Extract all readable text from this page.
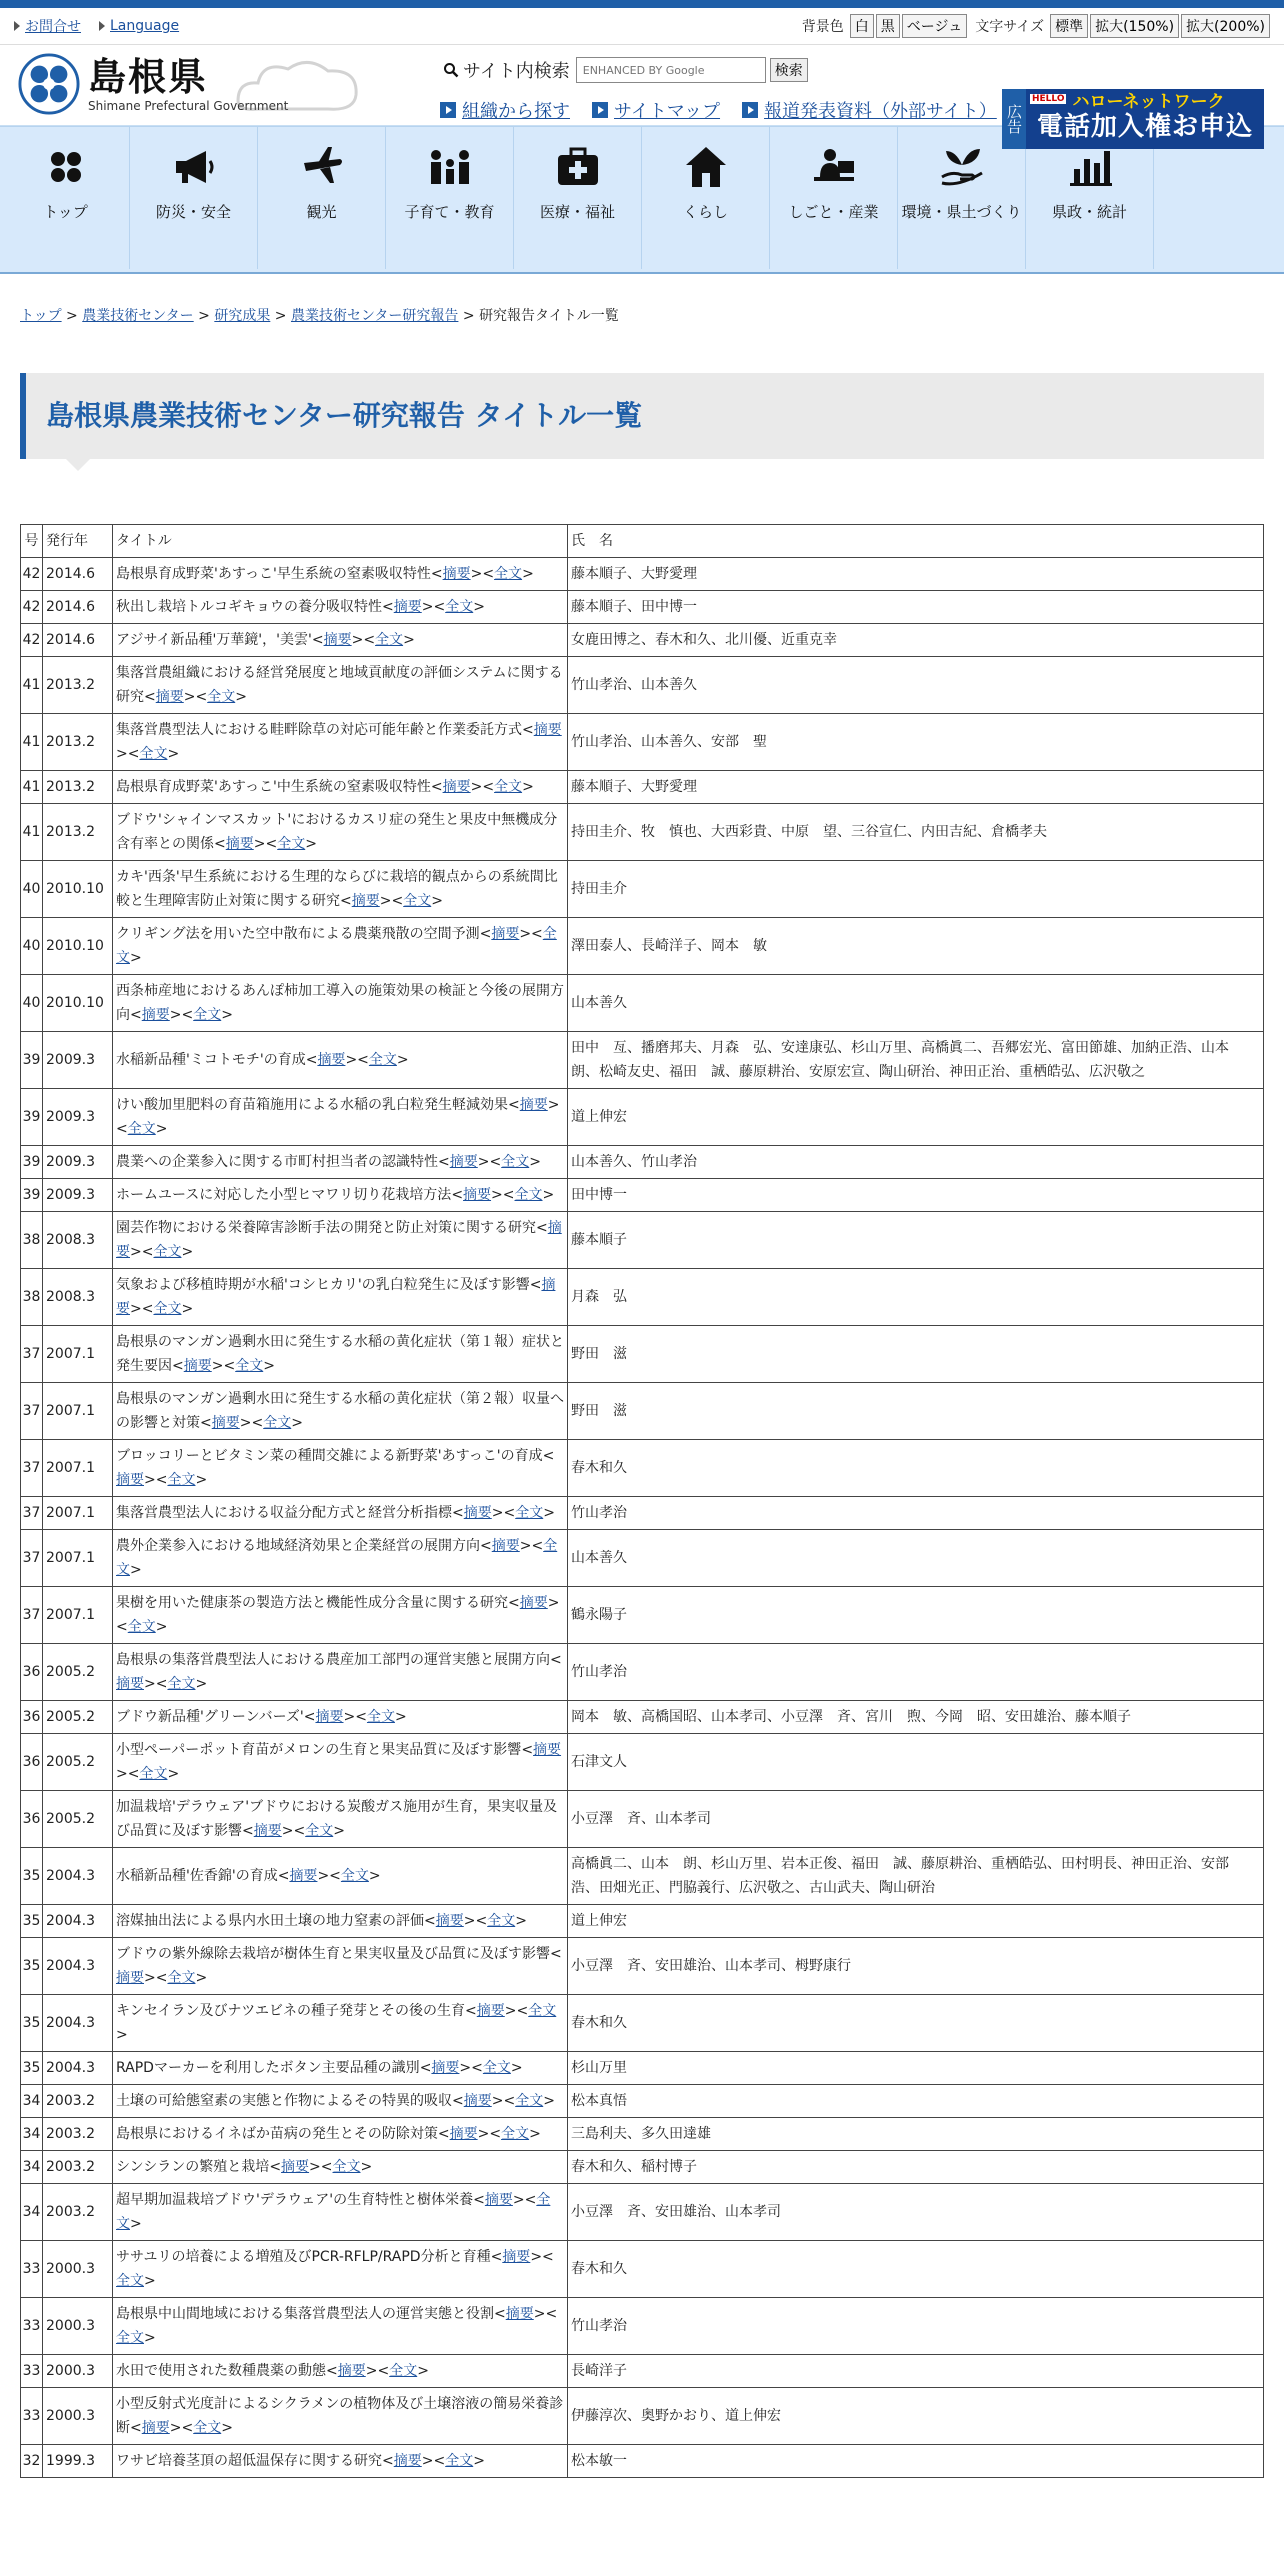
お問合せ Language	背景色 白 黒 ベージュ 文字サイズ 標準 拡大(150%) 拡大(200%)
島根県
Shimane Prefectural Government
サイト内検索
ENHANCED BY Google	検索
組織から探す サイトマップ 報道発表資料（外部サイト） 広告
HELLO ハローネットワーク
電話加入権お申込
トップ	防災・安全	観光	子育て・教育	医療・福祉	くらし	しごと・産業	環境・県土づくり	県政・統計
トップ > 農業技術センター > 研究成果 > 農業技術センター研究報告 > 研究報告タイトル一覧
島根県農業技術センター研究報告 タイトル一覧
号	発行年	タイトル	氏　名
42	2014.6	島根県育成野菜'あすっこ'早生系統の窒素吸収特性<摘要><全文>	藤本順子、大野愛理
42	2014.6	秋出し栽培トルコギキョウの養分吸収特性<摘要><全文>	藤本順子、田中博一
42	2014.6	アジサイ新品種'万華鏡'，'美雲'<摘要><全文>	女鹿田博之、春木和久、北川優、近重克幸
41	2013.2	集落営農組織における経営発展度と地域貢献度の評価システムに関する研究<摘要><全文>	竹山孝治、山本善久
41	2013.2	集落営農型法人における畦畔除草の対応可能年齢と作業委託方式<摘要><全文>	竹山孝治、山本善久、安部　聖
41	2013.2	島根県育成野菜'あすっこ'中生系統の窒素吸収特性<摘要><全文>	藤本順子、大野愛理
41	2013.2	ブドウ'シャインマスカット'におけるカスリ症の発生と果皮中無機成分含有率との関係<摘要><全文>	持田圭介、牧　慎也、大西彩貴、中原　望、三谷宣仁、内田吉紀、倉橋孝夫
40	2010.10	カキ'西条'早生系統における生理的ならびに栽培的観点からの系統間比較と生理障害防止対策に関する研究<摘要><全文>	持田圭介
40	2010.10	クリギング法を用いた空中散布による農薬飛散の空間予測<摘要><全文>	澤田泰人、長崎洋子、岡本　敏
40	2010.10	西条柿産地におけるあんぽ柿加工導入の施策効果の検証と今後の展開方向<摘要><全文>	山本善久
39	2009.3	水稲新品種'ミコトモチ'の育成<摘要><全文>	田中　亙、播磨邦夫、月森　弘、安達康弘、杉山万里、高橋眞二、吾郷宏光、富田節雄、加納正浩、山本　朗、松崎友史、福田　誠、藤原耕治、安原宏宣、陶山研治、神田正治、重栖皓弘、広沢敬之
39	2009.3	けい酸加里肥料の育苗箱施用による水稲の乳白粒発生軽減効果<摘要><全文>	道上伸宏
39	2009.3	農業への企業参入に関する市町村担当者の認識特性<摘要><全文>	山本善久、竹山孝治
39	2009.3	ホームユースに対応した小型ヒマワリ切り花栽培方法<摘要><全文>	田中博一
38	2008.3	園芸作物における栄養障害診断手法の開発と防止対策に関する研究<摘要><全文>	藤本順子
38	2008.3	気象および移植時期が水稲'コシヒカリ'の乳白粒発生に及ぼす影響<摘要><全文>	月森　弘
37	2007.1	島根県のマンガン過剰水田に発生する水稲の黄化症状（第１報）症状と発生要因<摘要><全文>	野田　滋
37	2007.1	島根県のマンガン過剰水田に発生する水稲の黄化症状（第２報）収量への影響と対策<摘要><全文>	野田　滋
37	2007.1	ブロッコリーとビタミン菜の種間交雑による新野菜'あすっこ'の育成<摘要><全文>	春木和久
37	2007.1	集落営農型法人における収益分配方式と経営分析指標<摘要><全文>	竹山孝治
37	2007.1	農外企業参入における地域経済効果と企業経営の展開方向<摘要><全文>	山本善久
37	2007.1	果樹を用いた健康茶の製造方法と機能性成分含量に関する研究<摘要><全文>	鶴永陽子
36	2005.2	島根県の集落営農型法人における農産加工部門の運営実態と展開方向<摘要><全文>	竹山孝治
36	2005.2	ブドウ新品種'グリーンバーズ'<摘要><全文>	岡本　敏、高橋国昭、山本孝司、小豆澤　斉、宮川　煦、今岡　昭、安田雄治、藤本順子
36	2005.2	小型ペーパーポット育苗がメロンの生育と果実品質に及ぼす影響<摘要><全文>	石津文人
36	2005.2	加温栽培'デラウェア'ブドウにおける炭酸ガス施用が生育，果実収量及び品質に及ぼす影響<摘要><全文>	小豆澤　斉、山本孝司
35	2004.3	水稲新品種'佐香錦'の育成<摘要><全文>	高橋眞二、山本　朗、杉山万里、岩本正俊、福田　誠、藤原耕治、重栖皓弘、田村明長、神田正治、安部　浩、田畑光正、門脇義行、広沢敬之、古山武夫、陶山研治
35	2004.3	溶媒抽出法による県内水田土壌の地力窒素の評価<摘要><全文>	道上伸宏
35	2004.3	ブドウの紫外線除去栽培が樹体生育と果実収量及び品質に及ぼす影響<摘要><全文>	小豆澤　斉、安田雄治、山本孝司、栂野康行
35	2004.3	キンセイラン及びナツエビネの種子発芽とその後の生育<摘要><全文>	春木和久
35	2004.3	RAPDマーカーを利用したボタン主要品種の識別<摘要><全文>	杉山万里
34	2003.2	土壌の可給態窒素の実態と作物によるその特異的吸収<摘要><全文>	松本真悟
34	2003.2	島根県におけるイネばか苗病の発生とその防除対策<摘要><全文>	三島利夫、多久田達雄
34	2003.2	シンシランの繁殖と栽培<摘要><全文>	春木和久、稲村博子
34	2003.2	超早期加温栽培ブドウ'デラウェア'の生育特性と樹体栄養<摘要><全文>	小豆澤　斉、安田雄治、山本孝司
33	2000.3	ササユリの培養による増殖及びPCR-RFLP/RAPD分析と育種<摘要><全文>	春木和久
33	2000.3	島根県中山間地域における集落営農型法人の運営実態と役割<摘要><全文>	竹山孝治
33	2000.3	水田で使用された数種農薬の動態<摘要><全文>	長崎洋子
33	2000.3	小型反射式光度計によるシクラメンの植物体及び土壌溶液の簡易栄養診断<摘要><全文>	伊藤淳次、奥野かおり、道上伸宏
32	1999.3	ワサビ培養茎頂の超低温保存に関する研究<摘要><全文>	松本敏一
